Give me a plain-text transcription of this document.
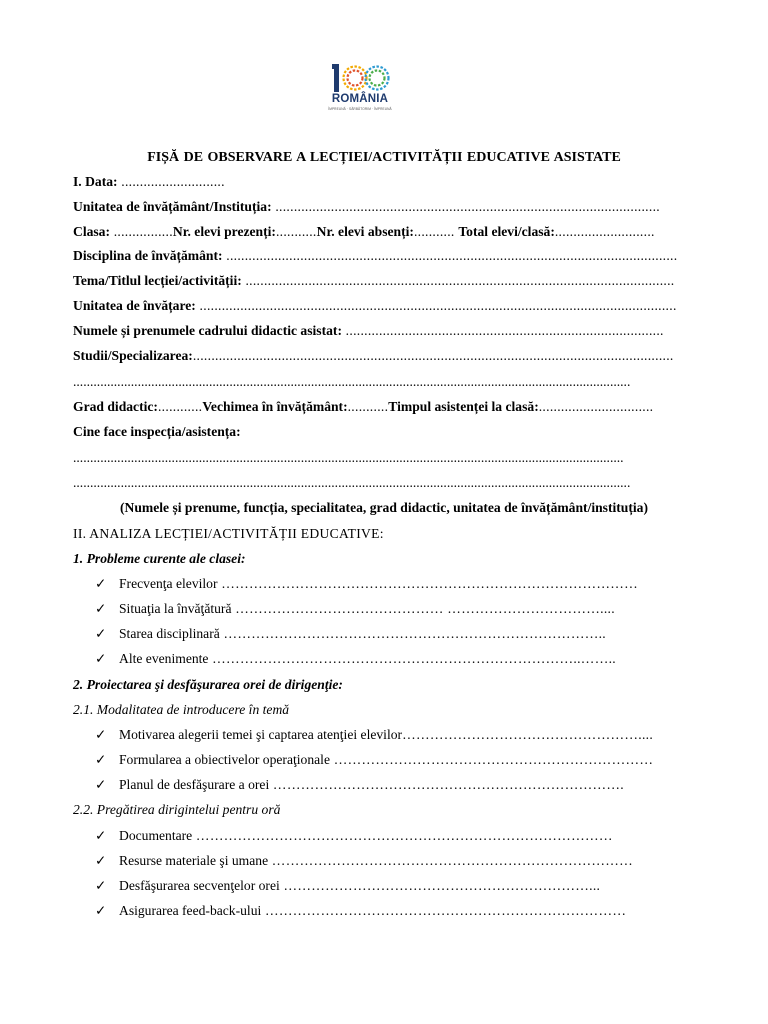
ROMÂNIA
ÎMPREUNĂ · SĂRBĂTORIM · ÎMPREUNĂ
FIȘĂ DE OBSERVARE A LECȚIEI/ACTIVITĂȚII EDUCATIVE ASISTATE
I. Data: ............................
Unitatea de învățământ/Instituția: ........................................................................................................
Clasa: ................Nr. elevi prezenți:...........Nr. elevi absenți:........... Total elevi/clasă:...........................
Disciplina de învățământ: ..........................................................................................................................
Tema/Titlul lecției/activității: ....................................................................................................................
Unitatea de învățare: .................................................................................................................................
Numele și prenumele cadrului didactic asistat: ......................................................................................
Studii/Specializarea:..................................................................................................................................
....................................................................................................................................................................
Grad didactic:............Vechimea în învățământ:...........Timpul asistenței la clasă:...............................
Cine face inspecția/asistența:
..................................................................................................................................................................
....................................................................................................................................................................
(Numele și prenume, funcția, specialitatea, grad didactic, unitatea de învățământ/instituția)
II. ANALIZA LECȚIEI/ACTIVITĂȚII EDUCATIVE:
1. Probleme curente ale clasei:
✓ Frecvenţa elevilor ………………………………………………………………………………
✓ Situaţia la învăţătură ……………………………………… ……………………………....
✓ Starea disciplinară ………………………………………………………………………..
✓ Alte evenimente ……………………………………………………………………..……..
2. Proiectarea şi desfăşurarea orei de dirigenţie:
2.1. Modalitatea de introducere în temă
✓ Motivarea alegerii temei şi captarea atenţiei elevilor……………………………………………....
✓ Formularea a obiectivelor operaţionale ……………………………………………………………
✓ Planul de desfăşurare a orei ………………………………………………………………….
2.2. Pregătirea dirigintelui pentru oră
✓ Documentare ………………………………………………………………………………
✓ Resurse materiale şi umane ……………………………………………………………………
✓ Desfăşurarea secvenţelor orei …………………………………………………………...
✓ Asigurarea feed-back-ului ……………………………………………………………………
